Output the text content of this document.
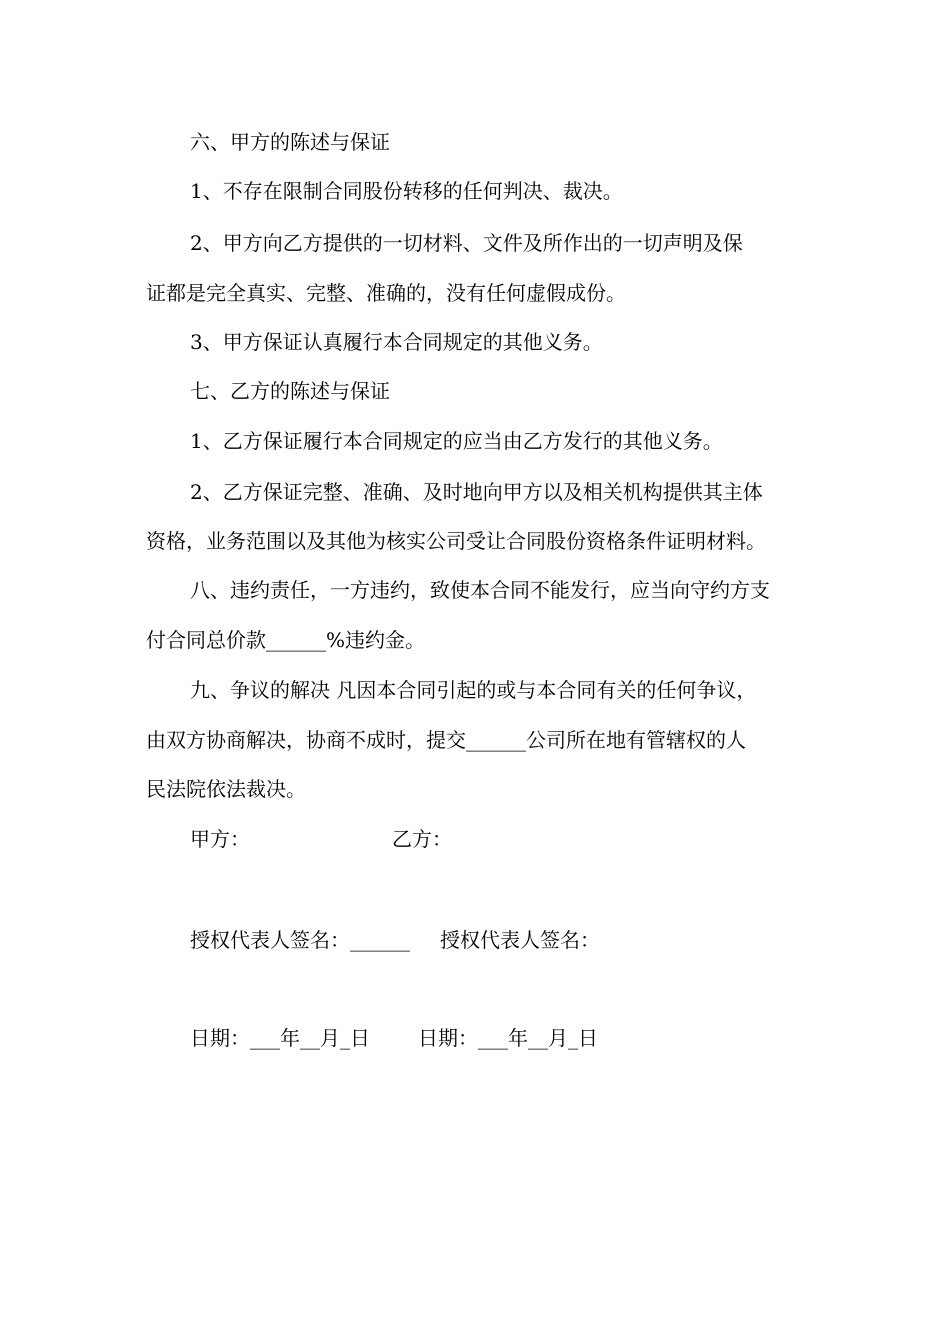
六、甲方的陈述与保证
1、不存在限制合同股份转移的任何判决、裁决。
2、甲方向乙方提供的一切材料、文件及所作出的一切声明及保
证都是完全真实、完整、准确的，没有任何虚假成份。
3、甲方保证认真履行本合同规定的其他义务。
七、乙方的陈述与保证
1、乙方保证履行本合同规定的应当由乙方发行的其他义务。
2、乙方保证完整、准确、及时地向甲方以及相关机构提供其主体
资格，业务范围以及其他为核实公司受让合同股份资格条件证明材料。
八、违约责任，一方违约，致使本合同不能发行，应当向守约方支
付合同总价款______%违约金。
九、争议的解决 凡因本合同引起的或与本合同有关的任何争议，
由双方协商解决，协商不成时，提交______公司所在地有管辖权的人
民法院依法裁决。
甲方：	乙方：
授权代表人签名：______ 授权代表人签名：
日期：___年__月_日 日期：___年__月_日
